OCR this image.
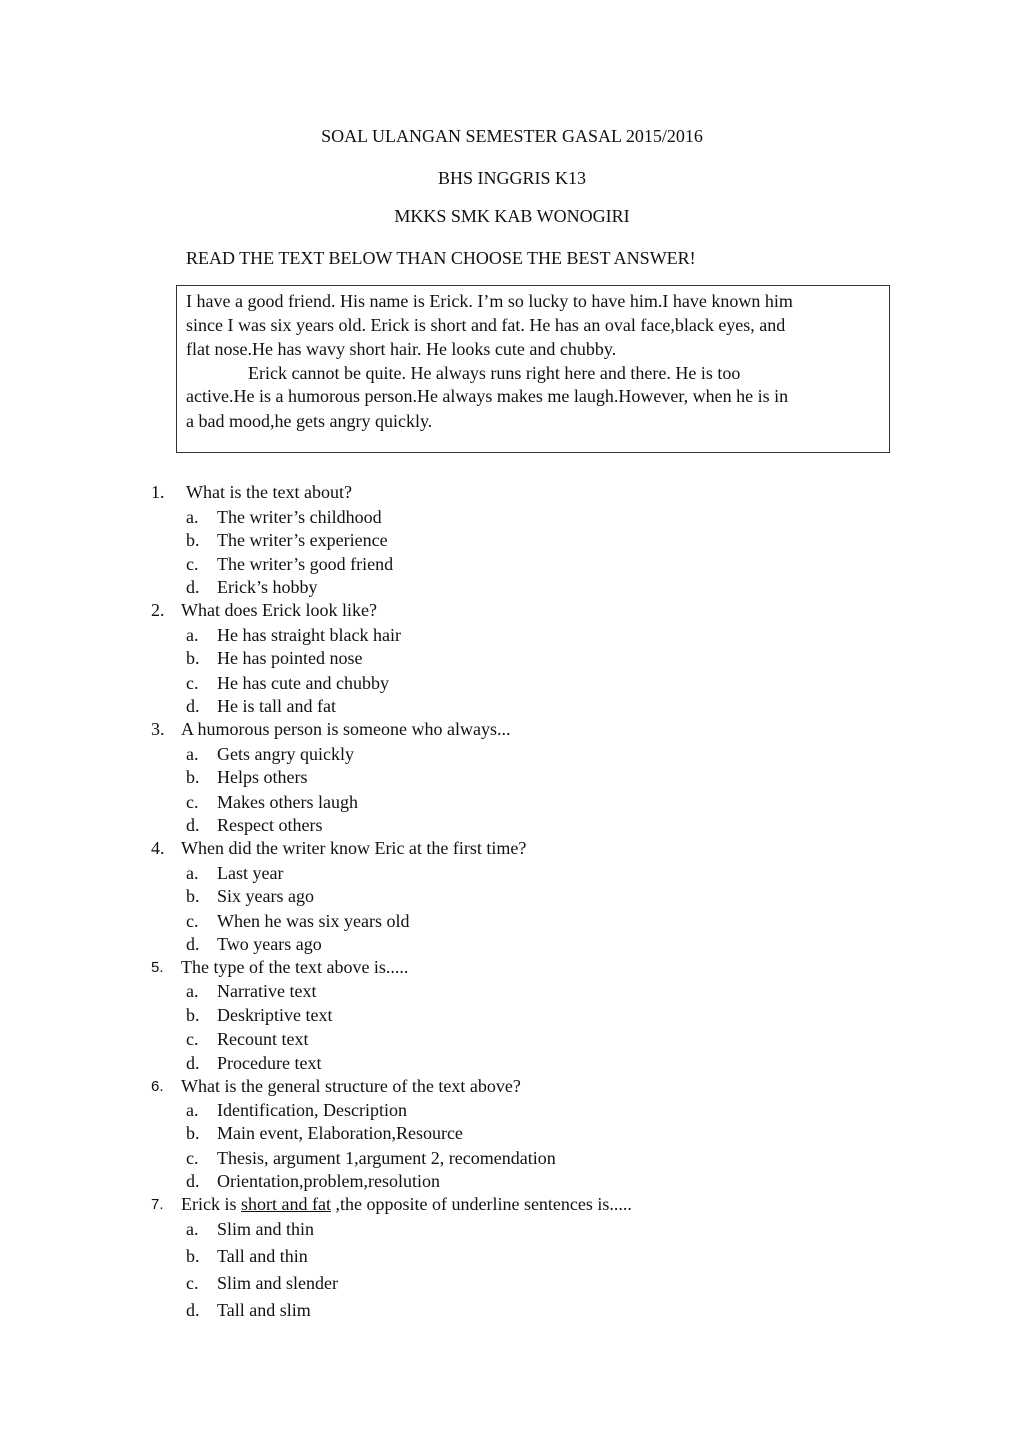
SOAL ULANGAN SEMESTER GASAL 2015/2016
BHS INGGRIS K13
MKKS SMK KAB WONOGIRI
READ THE TEXT BELOW THAN CHOOSE THE BEST ANSWER!
I have a good friend. His name is Erick. I’m so lucky to have him.I have known him
since I was six years old. Erick is short and fat. He has an oval face,black eyes, and
flat nose.He has wavy short hair. He looks cute and chubby.
Erick cannot be quite. He always runs right here and there. He is too
active.He is a humorous person.He always makes me laugh.However, when he is in
a bad mood,he gets angry quickly.
1. What is the text about?
a. The writer’s childhood
b. The writer’s experience
c. The writer’s good friend
d. Erick’s hobby
2. What does Erick look like?
a. He has straight black hair
b. He has pointed nose
c. He has cute and chubby
d. He is tall and fat
3. A humorous person is someone who always...
a. Gets angry quickly
b. Helps others
c. Makes others laugh
d. Respect others
4. When did the writer know Eric at the first time?
a. Last year
b. Six years ago
c. When he was six years old
d. Two years ago
5. The type of the text above is.....
a. Narrative text
b. Deskriptive text
c. Recount text
d. Procedure text
6. What is the general structure of the text above?
a. Identification, Description
b. Main event, Elaboration,Resource
c. Thesis, argument 1,argument 2, recomendation
d. Orientation,problem,resolution
7. Erick is short and fat ,the opposite of underline sentences is.....
a. Slim and thin
b. Tall and thin
c. Slim and slender
d. Tall and slim
